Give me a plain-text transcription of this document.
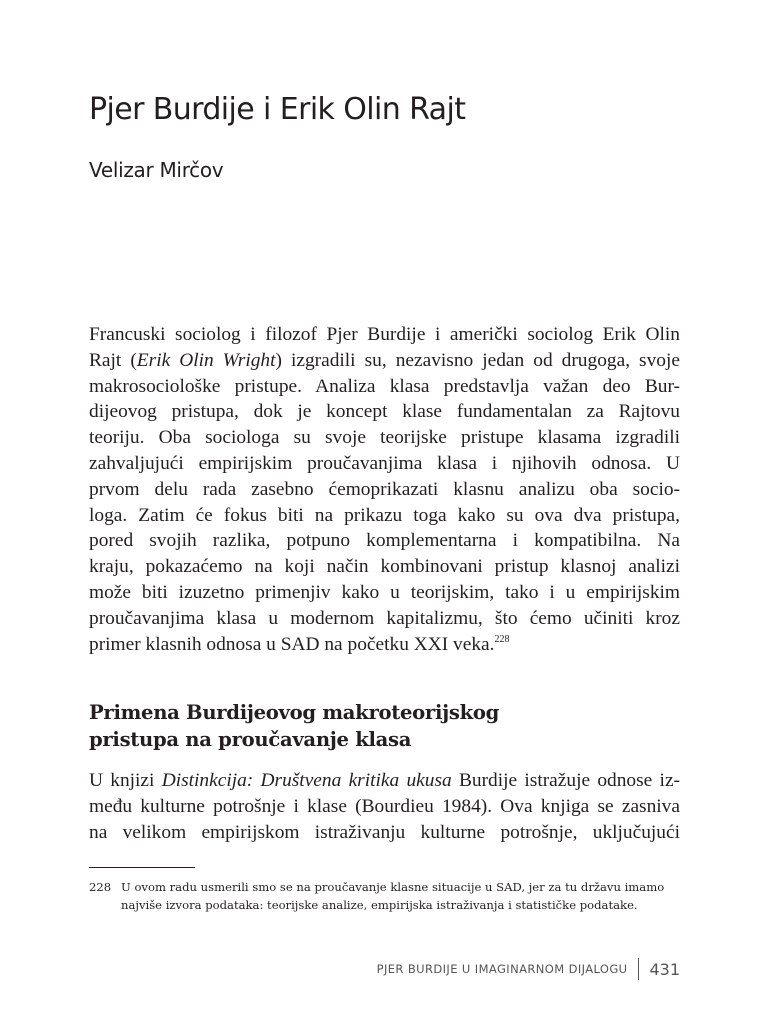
Pjer Burdije i Erik Olin Rajt
Velizar Mirčov
Francuski sociolog i filozof Pjer Burdije i američki sociolog Erik Olin
Rajt (Erik Olin Wright) izgradili su, nezavisno jedan od drugoga, svoje
makrosociološke pristupe. Analiza klasa predstavlja važan deo Bur-
dijeovog pristupa, dok je koncept klase fundamentalan za Rajtovu
teoriju. Oba sociologa su svoje teorijske pristupe klasama izgradili
zahvaljujući empirijskim proučavanjima klasa i njihovih odnosa. U
prvom delu rada zasebno ćemoprikazati klasnu analizu oba socio-
loga. Zatim će fokus biti na prikazu toga kako su ova dva pristupa,
pored svojih razlika, potpuno komplementarna i kompatibilna. Na
kraju, pokazaćemo na koji način kombinovani pristup klasnoj analizi
može biti izuzetno primenjiv kako u teorijskim, tako i u empirijskim
proučavanjima klasa u modernom kapitalizmu, što ćemo učiniti kroz
primer klasnih odnosa u SAD na početku XXI veka.$^{228}$
Primena Burdijeovog makroteorijskog
pristupa na proučavanje klasa
U knjizi Distinkcija: Društvena kritika ukusa Burdije istražuje odnose iz-
među kulturne potrošnje i klase (Bourdieu 1984). Ova knjiga se zasniva
na velikom empirijskom istraživanju kulturne potrošnje, uključujući
228 U ovom radu usmerili smo se na proučavanje klasne situacije u SAD, jer za tu državu imamo najviše izvora podataka: teorijske analize, empirijska istraživanja i statističke podatake.
PJER BURDIJE U IMAGINARNOM DIJALOGU 431
